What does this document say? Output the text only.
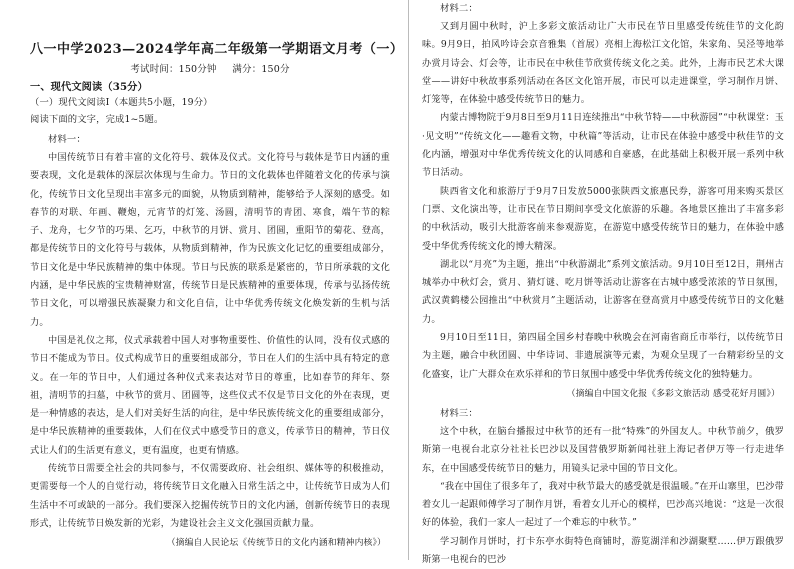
八一中学2023—2024学年高二年级第一学期语文月考（一）
考试时间：150分钟 满分：150分
一、现代文阅读（35分）
（一）现代文阅读Ⅰ（本题共5小题，19分）
阅读下面的文字，完成1~5题。
材料一：

中国传统节日有着丰富的文化符号、载体及仪式。文化符号与载体是节日内涵的重要表现，文化是载体的深层次体现与生命力。节日的文化载体也伴随着文化的传承与演化，传统节日文化呈现出丰富多元的面貌，从物质到精神，能够给予人深刻的感受。如春节的对联、年画、鞭炮，元宵节的灯笼、汤圆，清明节的青团、寒食，端午节的粽子、龙舟，七夕节的巧果、乞巧，中秋节的月饼、赏月、团圆，重阳节的菊花、登高，都是传统节日的文化符号与载体，从物质到精神，作为民族文化记忆的重要组成部分，节日文化是中华民族精神的集中体现。节日与民族的联系是紧密的，节日所承载的文化内涵，是中华民族的宝贵精神财富，传统节日是民族精神的重要体现，传承与弘扬传统节日文化，可以增强民族凝聚力和文化自信，让中华优秀传统文化焕发新的生机与活力。

中国是礼仪之邦，仪式承载着中国人对事物重要性、价值性的认同，没有仪式感的节日不能成为节日。仪式构成节日的重要组成部分，节日在人们的生活中具有特定的意义。在一年的节日中，人们通过各种仪式来表达对节日的尊重，比如春节的拜年、祭祖，清明节的扫墓，中秋节的赏月、团圆等，这些仪式不仅是节日文化的外在表现，更是一种情感的表达，是人们对美好生活的向往，是中华民族传统文化的重要组成部分，是中华民族精神的重要载体，人们在仪式中感受节日的意义，传承节日的精神，节日仪式让人们的生活更有意义，更有温度，也更有情感。

传统节日需要全社会的共同参与，不仅需要政府、社会组织、媒体等的积极推动，更需要每一个人的自觉行动，将传统节日文化融入日常生活之中，让传统节日成为人们生活中不可或缺的一部分。我们要深入挖掘传统节日的文化内涵，创新传统节日的表现形式，让传统节日焕发新的光彩，为建设社会主义文化强国贡献力量。

（摘编自人民论坛《传统节日的文化内涵和精神内核》）
材料二：

又到月圆中秋时，沪上多彩文旅活动让广大市民在节日里感受传统佳节的文化韵味。9月9日，拍风吟诗会京音雅集（首展）亮相上海松江文化馆，朱家角、吴泾等地举办赏月诗会、灯会等，让市民在中秋佳节欣赏传统文化之美。此外，上海市民艺术大课堂——讲好中秋故事系列活动在各区文化馆开展，市民可以走进课堂，学习制作月饼、灯笼等，在体验中感受传统节日的魅力。

内蒙古博物院于9月8日至9月11日连续推出“中秋节特——中秋游园”“中秋课堂：玉·见文明”“传统文化——趣看文物，中秋篇”等活动，让市民在体验中感受中秋佳节的文化内涵，增强对中华优秀传统文化的认同感和自豪感，在此基础上积极开展一系列中秋节日活动。

陕西省文化和旅游厅于9月7日发放5000张陕西文旅惠民券，游客可用来购买景区门票、文化演出等，让市民在节日期间享受文化旅游的乐趣。各地景区推出了丰富多彩的中秋活动，吸引大批游客前来参观游览，在游览中感受传统节日的魅力，在体验中感受中华优秀传统文化的博大精深。

湖北以“月亮”为主题，推出“中秋游湖北”系列文旅活动。9月10日至12日，荆州古城举办中秋灯会，赏月、猜灯谜、吃月饼等活动让游客在古城中感受浓浓的节日氛围，武汉黄鹤楼公园推出“中秋赏月”主题活动，让游客在登高赏月中感受传统节日的文化魅力。

9月10日至11日，第四届全国乡村春晚中秋晚会在河南省商丘市举行，以传统节日为主题，融合中秋团圆、中华诗词、非遗展演等元素，为观众呈现了一台精彩纷呈的文化盛宴，让广大群众在欢乐祥和的节日氛围中感受中华优秀传统文化的独特魅力。

（摘编自中国文化报《多彩文旅活动 感受花好月圆》）
材料三：

这个中秋，在脑台播报过中秋节的还有一批“特殊”的外国友人。中秋节前夕，俄罗斯第一电视台北京分社社长巴沙以及国营俄罗斯新闻社驻上海记者伊万等一行走进华东，在中国感受传统节日的魅力，用镜头记录中国的节日文化。

“我在中国住了很多年了，我对中秋节最大的感受就是很温暖。”在开山寨里，巴沙带着女儿一起跟师傅学习了制作月饼，看着女儿开心的模样，巴沙高兴地说：“这是一次很好的体验，我们一家人一起过了一个难忘的中秋节。”

学习制作月饼时，打卡东亭水街特色商铺时，游览湖洋和沙湖聚墅……伊万跟俄罗斯第一电视台的巴沙
